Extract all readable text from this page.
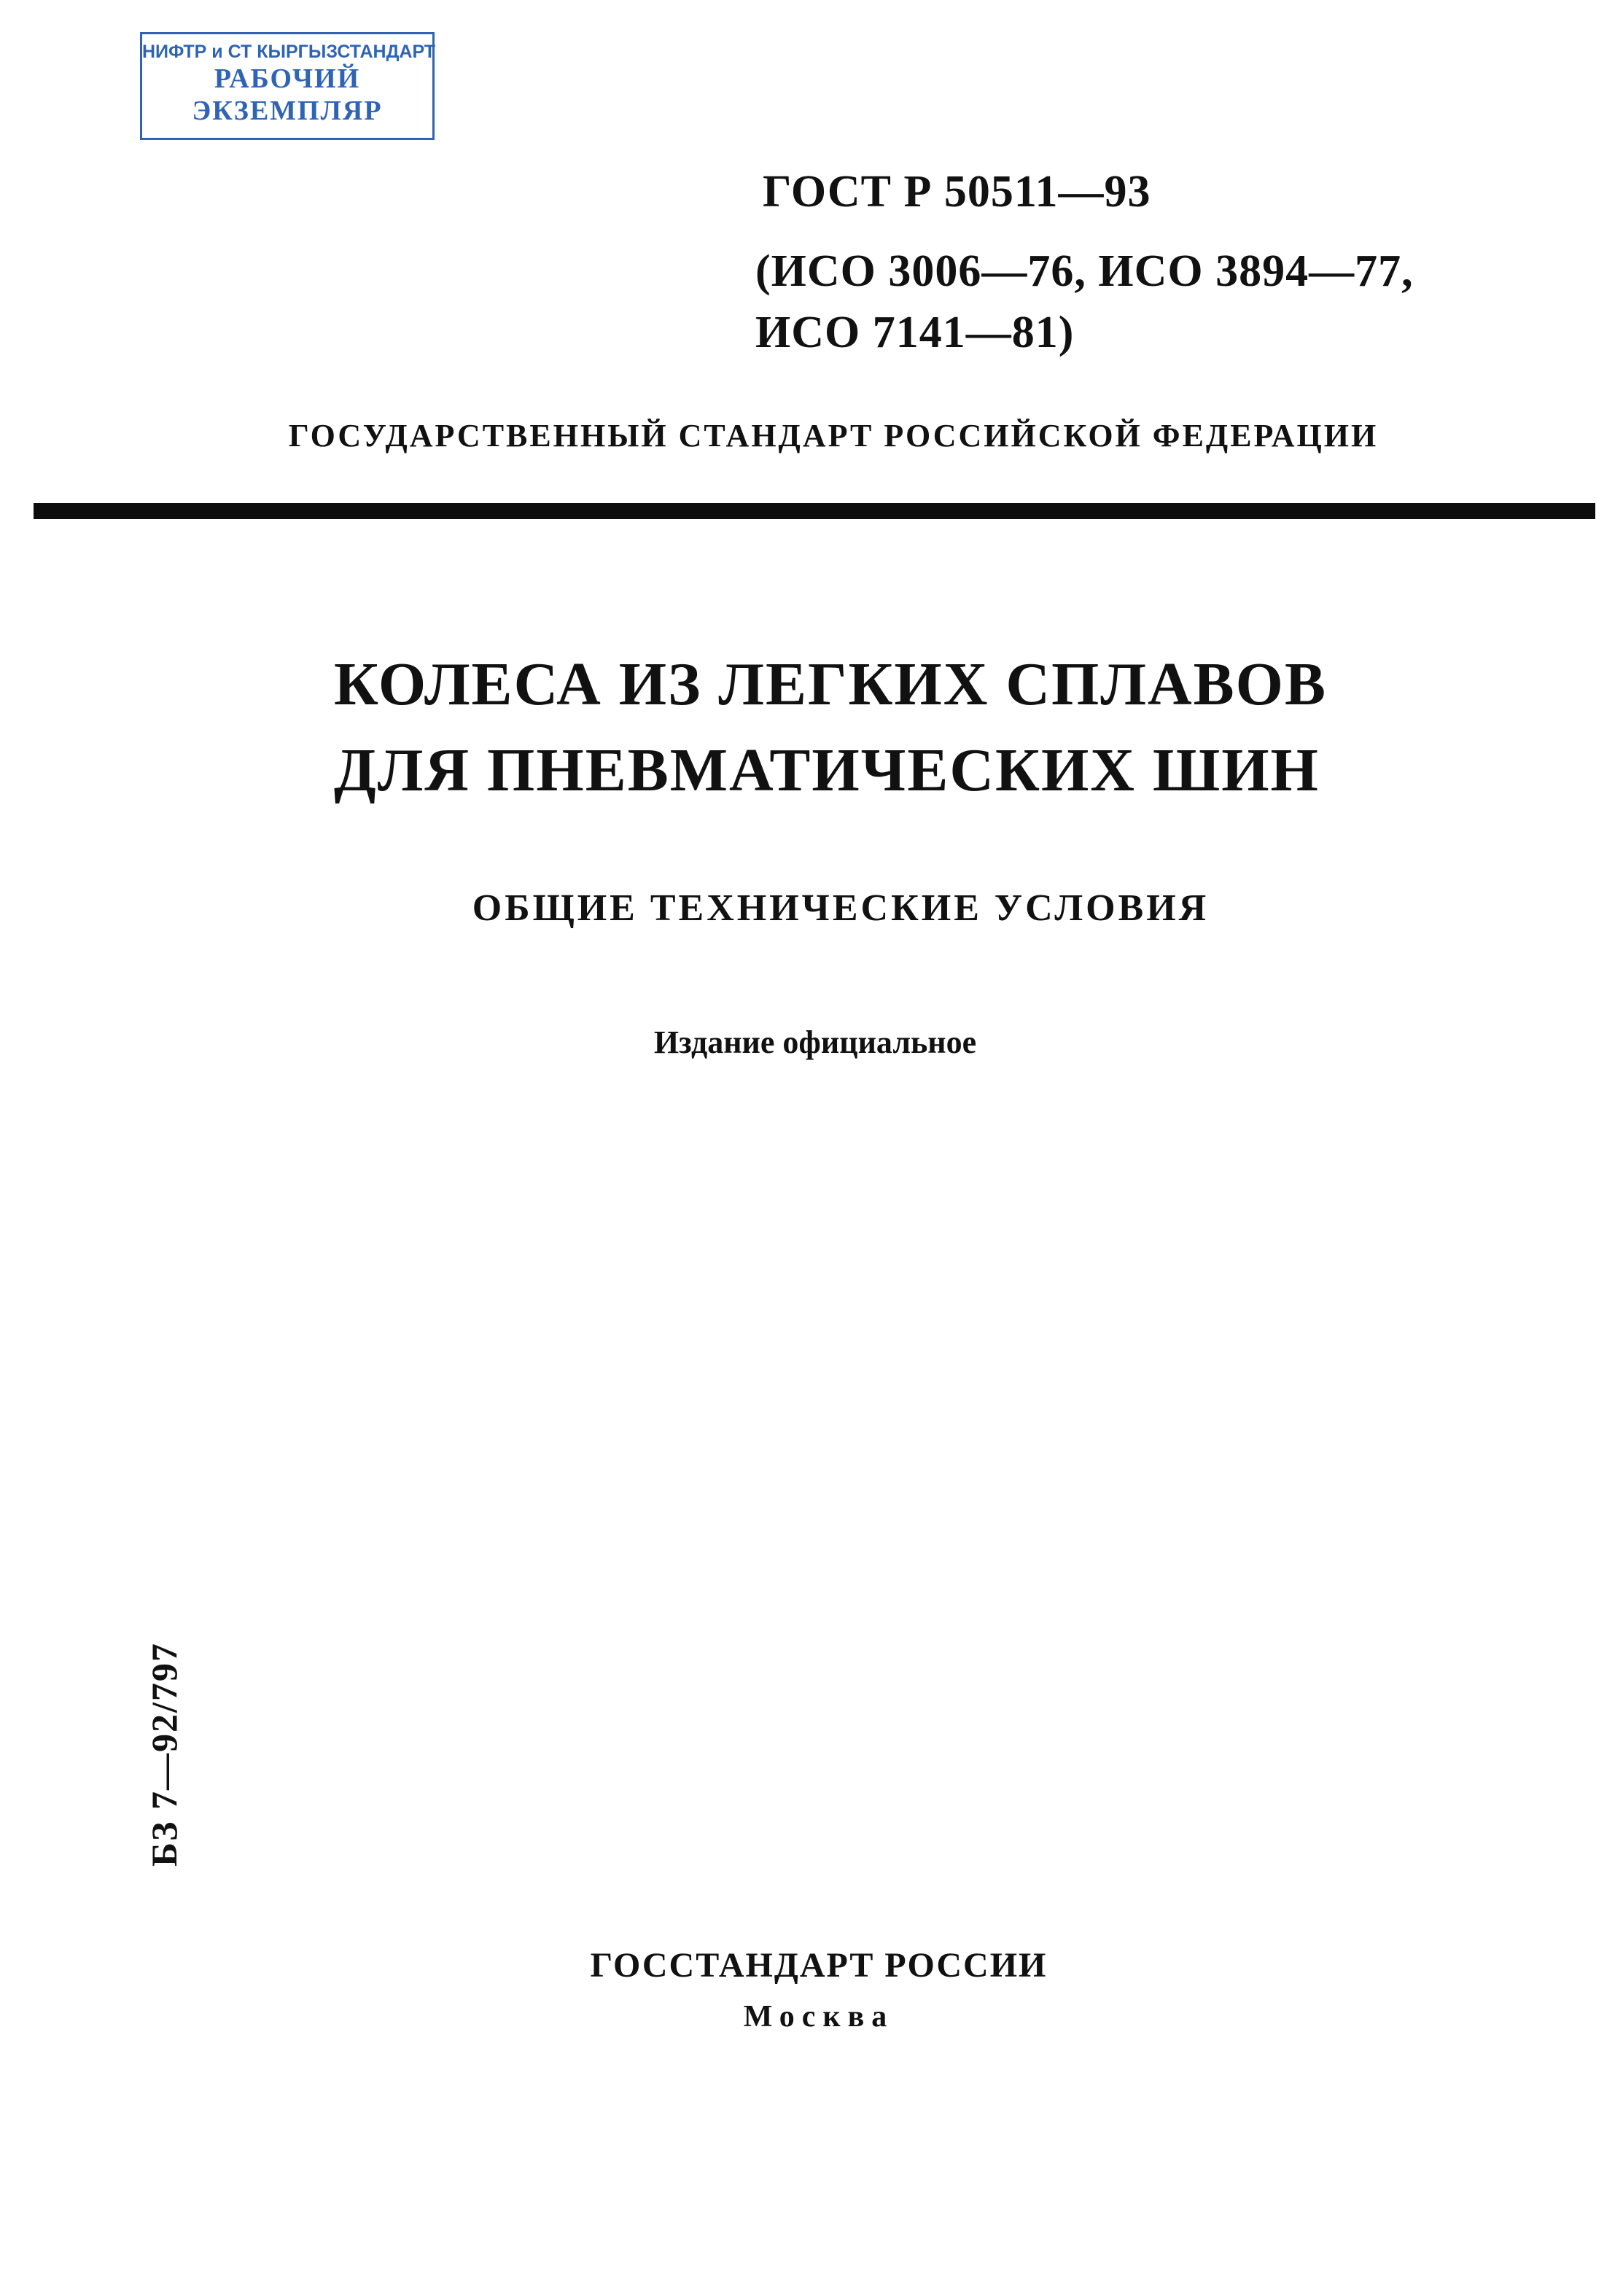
НИФТР и СТ КЫРГЫЗСТАНДАРТ
РАБОЧИЙ
ЭКЗЕМПЛЯР
ГОСТ Р 50511—93
(ИСО 3006—76, ИСО 3894—77,
ИСО 7141—81)
ГОСУДАРСТВЕННЫЙ СТАНДАРТ РОССИЙСКОЙ ФЕДЕРАЦИИ
КОЛЕСА ИЗ ЛЕГКИХ СПЛАВОВ
ДЛЯ ПНЕВМАТИЧЕСКИХ ШИН
ОБЩИЕ ТЕХНИЧЕСКИЕ УСЛОВИЯ
Издание официальное
БЗ 7—92/797
ГОССТАНДАРТ РОССИИ
Москва
